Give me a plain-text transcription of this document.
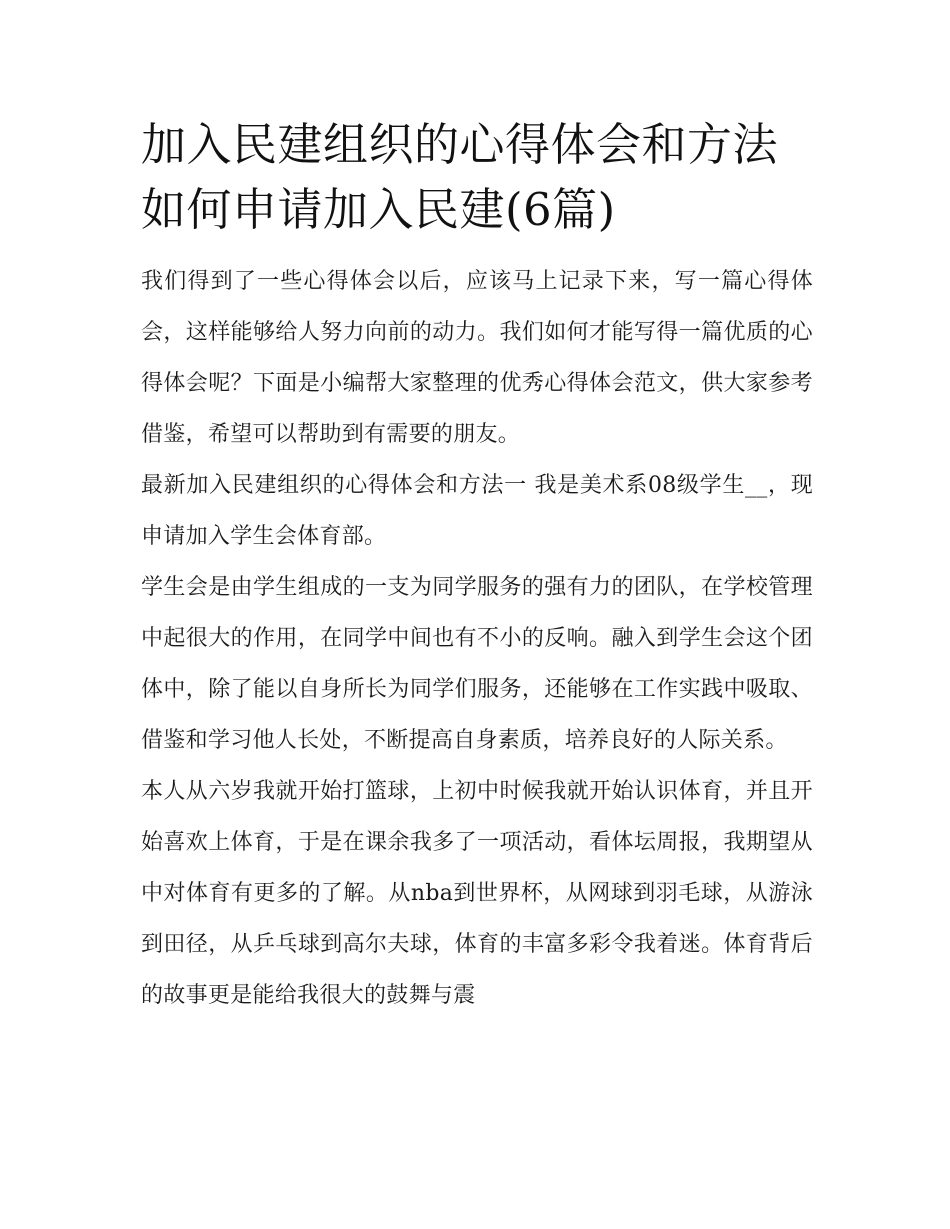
加入民建组织的心得体会和方法 如何申请加入民建(6篇)

我们得到了一些心得体会以后，应该马上记录下来，写一篇心得体会，这样能够给人努力向前的动力。我们如何才能写得一篇优质的心得体会呢？下面是小编帮大家整理的优秀心得体会范文，供大家参考借鉴，希望可以帮助到有需要的朋友。

最新加入民建组织的心得体会和方法一 我是美术系08级学生__，现申请加入学生会体育部。

学生会是由学生组成的一支为同学服务的强有力的团队，在学校管理中起很大的作用，在同学中间也有不小的反响。融入到学生会这个团体中，除了能以自身所长为同学们服务，还能够在工作实践中吸取、借鉴和学习他人长处，不断提高自身素质，培养良好的人际关系。

本人从六岁我就开始打篮球，上初中时候我就开始认识体育，并且开始喜欢上体育，于是在课余我多了一项活动，看体坛周报，我期望从中对体育有更多的了解。从nba到世界杯，从网球到羽毛球，从游泳到田径，从乒乓球到高尔夫球，体育的丰富多彩令我着迷。体育背后的故事更是能给我很大的鼓舞与震
